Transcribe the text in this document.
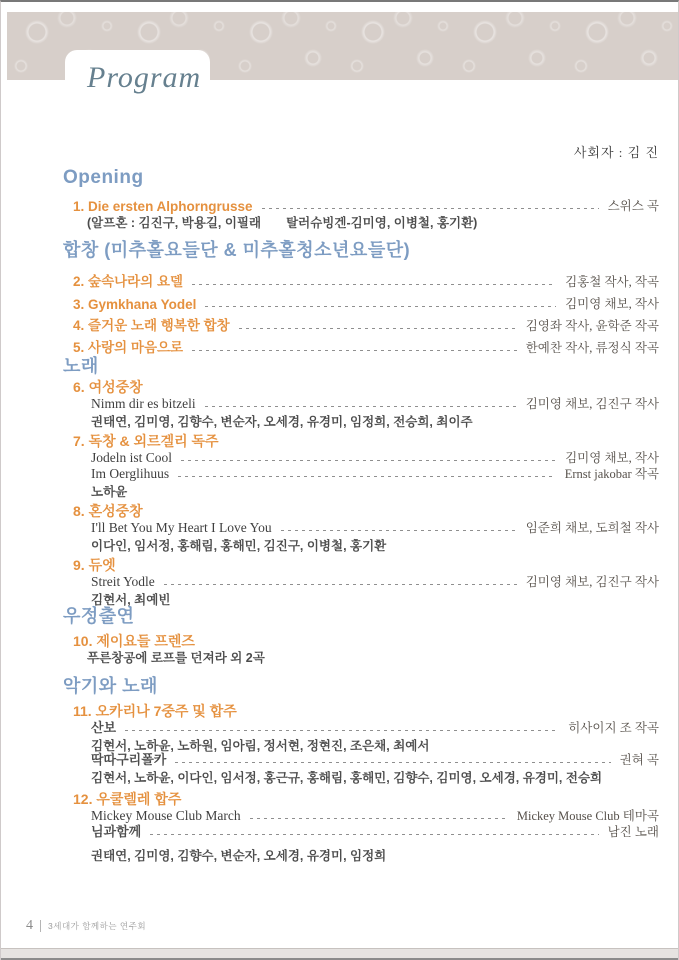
Program
사회자 : 김 진
Opening
1. Die ersten Alphorngrusse	스위스 곡
(알프혼 : 김진구, 박용길, 이필래　　탈러슈빙겐-김미영, 이병철, 홍기환)
합창 (미추홀요들단 & 미추홀청소년요들단)
2. 숲속나라의 요델	김홍철 작사, 작곡
3. Gymkhana Yodel	김미영 채보, 작사
4. 즐거운 노래 행복한 합창	김영좌 작사, 윤학준 작곡
5. 사랑의 마음으로	한예찬 작사, 류정식 작곡
노래
6. 여성중창
Nimm dir es bitzeli	김미영 채보, 김진구 작사
권태연, 김미영, 김향수, 변순자, 오세경, 유경미, 임정희, 전승희, 최이주
7. 독창 & 외르겔리 독주
Jodeln ist Cool	김미영 채보, 작사
Im Oerglihuus	Ernst jakobar 작곡
노하윤
8. 혼성중창
I'll Bet You My Heart I Love You	임준희 채보, 도희철 작사
이다인, 임서정, 홍해림, 홍해민, 김진구, 이병철, 홍기환
9. 듀엣
Streit Yodle	김미영 채보, 김진구 작사
김현서, 최예빈
우정출연
10. 제이요들 프렌즈
푸른창공에 로프를 던져라 외 2곡
악기와 노래
11. 오카리나 7중주 및 합주
산보	히사이지 조 작곡
김현서, 노하윤, 노하원, 임아림, 정서현, 정현진, 조은채, 최예서
딱따구리폴카	권혀 곡
김현서, 노하윤, 이다인, 임서정, 홍근규, 홍해림, 홍해민, 김향수, 김미영, 오세경, 유경미, 전승희
12. 우쿨렐레 합주
Mickey Mouse Club March	Mickey Mouse Club 테마곡
님과함께	남진 노래
권태연, 김미영, 김향수, 변순자, 오세경, 유경미, 임정희
4 3세대가 함께하는 연주회
